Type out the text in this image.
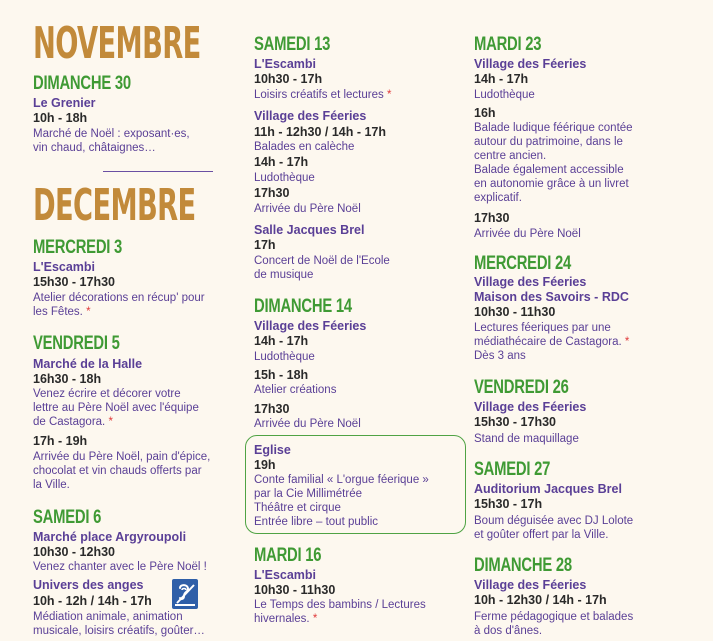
NOVEMBRE
DIMANCHE 30
Le Grenier
10h - 18h
Marché de Noël : exposant·es,
vin chaud, châtaignes…
DECEMBRE
MERCREDI 3
L'Escambi
15h30 - 17h30
Atelier décorations en récup' pour
les Fêtes. *
VENDREDI 5
Marché de la Halle
16h30 - 18h
Venez écrire et décorer votre
lettre au Père Noël avec l'équipe
de Castagora. *
17h - 19h
Arrivée du Père Noël, pain d'épice,
chocolat et vin chauds offerts par
la Ville.
SAMEDI 6
Marché place Argyroupoli
10h30 - 12h30
Venez chanter avec le Père Noël !
Univers des anges
10h - 12h / 14h - 17h
Médiation animale, animation
musicale, loisirs créatifs, goûter…
SAMEDI 13
L'Escambi
10h30 - 17h
Loisirs créatifs et lectures *
Village des Féeries
11h - 12h30 / 14h - 17h
Balades en calèche
14h - 17h
Ludothèque
17h30
Arrivée du Père Noël
Salle Jacques Brel
17h
Concert de Noël de l'Ecole
de musique
DIMANCHE 14
Village des Féeries
14h - 17h
Ludothèque
15h - 18h
Atelier créations
17h30
Arrivée du Père Noël
Eglise
19h
Conte familial « L'orgue féerique »
par la Cie Millimétrée
Théâtre et cirque
Entrée libre – tout public
MARDI 16
L'Escambi
10h30 - 11h30
Le Temps des bambins / Lectures
hivernales. *
MARDI 23
Village des Féeries
14h - 17h
Ludothèque
16h
Balade ludique féérique contée
autour du patrimoine, dans le
centre ancien.
Balade également accessible
en autonomie grâce à un livret
explicatif.
17h30
Arrivée du Père Noël
MERCREDI 24
Village des Féeries
Maison des Savoirs - RDC
10h30 - 11h30
Lectures féeriques par une
médiathécaire de Castagora. *
Dès 3 ans
VENDREDI 26
Village des Féeries
15h30 - 17h30
Stand de maquillage
SAMEDI 27
Auditorium Jacques Brel
15h30 - 17h
Boum déguisée avec DJ Lolote
et goûter offert par la Ville.
DIMANCHE 28
Village des Féeries
10h - 12h30 / 14h - 17h
Ferme pédagogique et balades
à dos d'ânes.
